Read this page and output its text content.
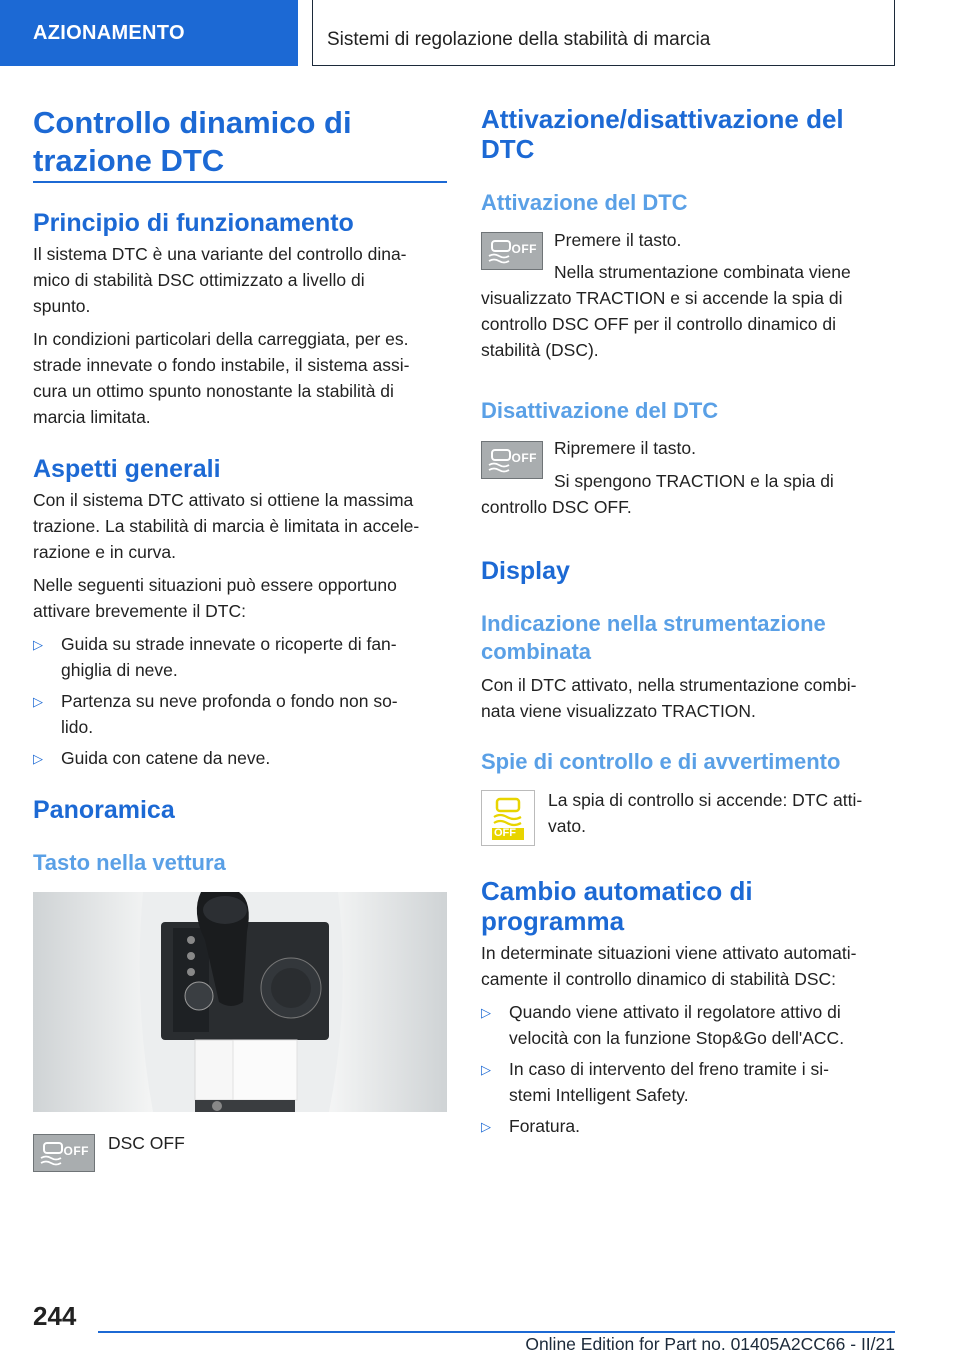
AZIONAMENTO	Sistemi di regolazione della stabilità di marcia
Controllo dinamico di
trazione DTC
Principio di funzionamento
Il sistema DTC è una variante del controllo dina-
mico di stabilità DSC ottimizzato a livello di
spunto.
In condizioni particolari della carreggiata, per es.
strade innevate o fondo instabile, il sistema assi-
cura un ottimo spunto nonostante la stabilità di
marcia limitata.
Aspetti generali
Con il sistema DTC attivato si ottiene la massima
trazione. La stabilità di marcia è limitata in accele-
razione e in curva.
Nelle seguenti situazioni può essere opportuno
attivare brevemente il DTC:
▷ Guida su strade innevate o ricoperte di fan-
ghiglia di neve.
▷ Partenza su neve profonda o fondo non so-
lido.
▷ Guida con catene da neve.
Panoramica
Tasto nella vettura
OFF DSC OFF
Attivazione/disattivazione del
DTC
Attivazione del DTC
Premere il tasto.
Nella strumentazione combinata viene
visualizzato TRACTION e si accende la spia di
controllo DSC OFF per il controllo dinamico di
stabilità (DSC).
Disattivazione del DTC
Ripremere il tasto.
Si spengono TRACTION e la spia di
controllo DSC OFF.
Display
Indicazione nella strumentazione
combinata
Con il DTC attivato, nella strumentazione combi-
nata viene visualizzato TRACTION.
Spie di controllo e di avvertimento
La spia di controllo si accende: DTC atti-
vato.
Cambio automatico di
programma
In determinate situazioni viene attivato automati-
camente il controllo dinamico di stabilità DSC:
▷ Quando viene attivato il regolatore attivo di
velocità con la funzione Stop&Go dell'ACC.
▷ In caso di intervento del freno tramite i si-
stemi Intelligent Safety.
▷ Foratura.
OFF
OFF
OFF
244
Online Edition for Part no. 01405A2CC66 - II/21
